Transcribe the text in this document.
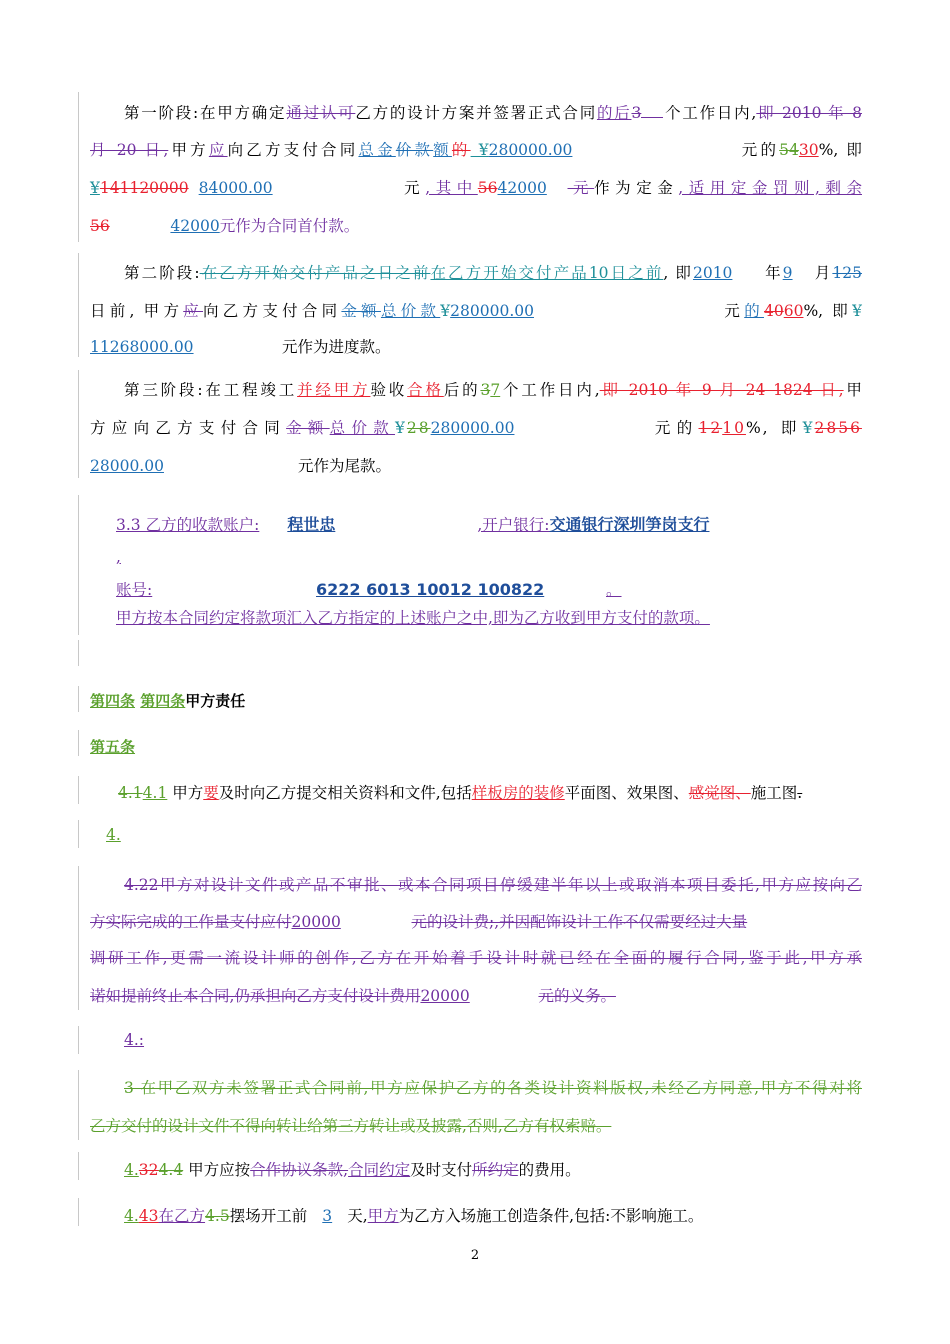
第一阶段:在甲方确定通过认可乙方的设计方案并签署正式合同的后3 个工作日内,即 2010 年 8
月 20 日,甲方应向乙方支付合同总金价款额的 ¥280000.00	元的5430%, 即
¥141120000 84000.00	元,其中5642000 元作为定金,适用定金罚则,剩余
56	42000元作为合同首付款。
第二阶段:在乙方开始交付产品之日之前在乙方开始交付产品10日之前, 即2010 年9 月125
日前, 甲方应向乙方支付合同金额总价款¥280000.00	元的4060%, 即¥
11268000.00	元作为进度款。
第三阶段:在工程竣工并经甲方验收合格后的37个工作日内,即 2010 年 9 月 24 1824 日,甲
方应向乙方支付合同金额总价款¥28280000.00	元的1210%, 即¥2856
28000.00	元作为尾款。
3.3 乙方的收款账户: 程世忠	,开户银行:交通银行深圳笋岗支行
,
账号:	6222 6013 10012 100822	。
甲方按本合同约定将款项汇入乙方指定的上述账户之中,即为乙方收到甲方支付的款项。
第四条 第四条甲方责任
第五条
4.14.1 甲方要及时向乙方提交相关资料和文件,包括样板房的装修平面图、效果图、感觉图、施工图.
4.
4.22甲方对设计文件或产品不审批、或本合同项目停缓建半年以上或取消本项目委托,甲方应按向乙
方实际完成的工作量支付应付20000	元的设计费;,并因配饰设计工作不仅需要经过大量
调研工作,更需一流设计师的创作,乙方在开始着手设计时就已经在全面的履行合同,鉴于此,甲方承
诺如提前终止本合同,仍承担向乙方支付设计费用20000	元的义务。
4.:
3 在甲乙双方未签署正式合同前,甲方应保护乙方的各类设计资料版权,未经乙方同意,甲方不得对将
乙方交付的设计文件不得向转让给第三方转让或及披露,否则,乙方有权索赔。
4.324.4 甲方应按合作协议条款,合同约定及时支付所约定的费用。
4.43在乙方4.5摆场开工前 3 天,甲方为乙方入场施工创造条件,包括:不影响施工。
2
